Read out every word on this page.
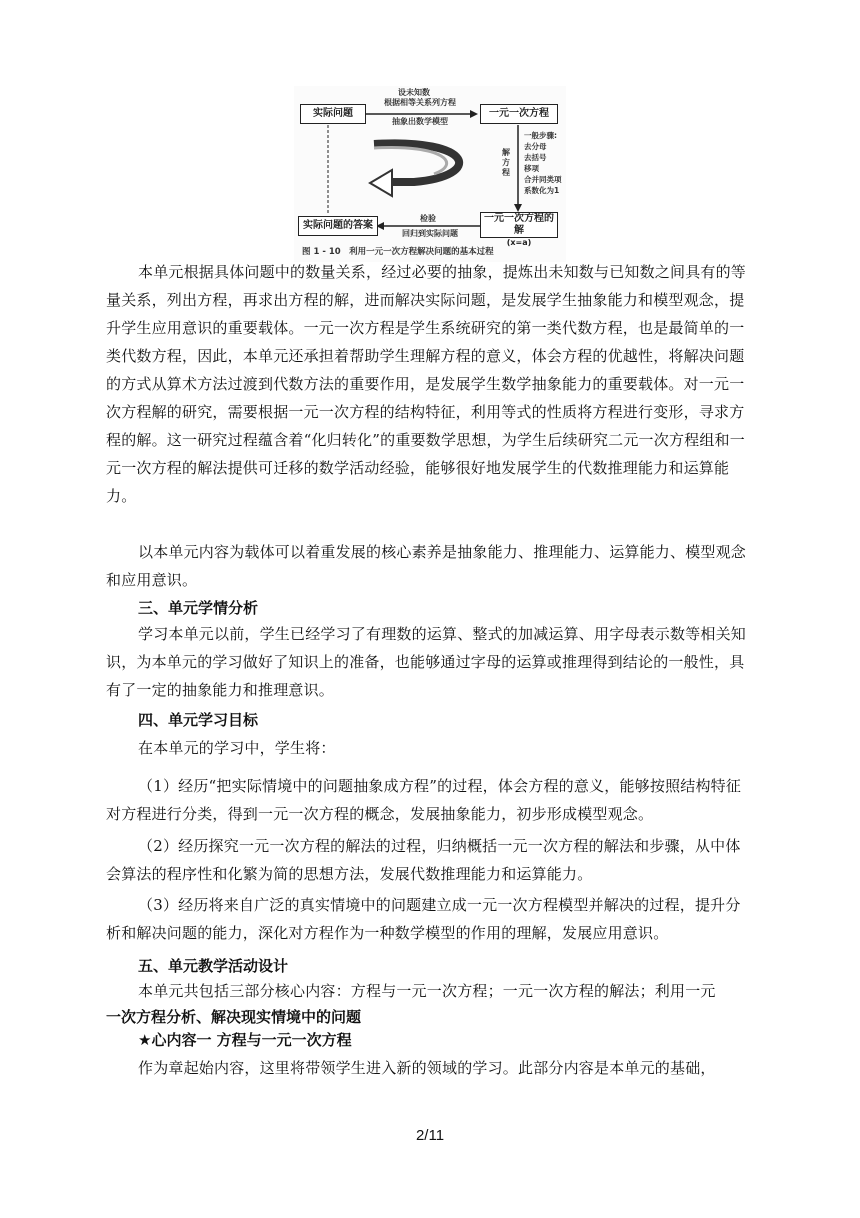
实际问题	一元一次方程
实际问题的答案
一元一次方程的解
(x=a)
设未知数
根据相等关系列方程
抽象出数学模型
解方程
一般步骤:
去分母
去括号
移项
合并同类项
系数化为1
检验
回归到实际问题
图 1 - 10　利用一元一次方程解决问题的基本过程
本单元根据具体问题中的数量关系，经过必要的抽象，提炼出未知数与已知数之间具有的等量关系，列出方程，再求出方程的解，进而解决实际问题，是发展学生抽象能力和模型观念，提升学生应用意识的重要载体。一元一次方程是学生系统研究的第一类代数方程，也是最简单的一类代数方程，因此，本单元还承担着帮助学生理解方程的意义，体会方程的优越性，将解决问题的方式从算术方法过渡到代数方法的重要作用，是发展学生数学抽象能力的重要载体。对一元一次方程解的研究，需要根据一元一次方程的结构特征，利用等式的性质将方程进行变形，寻求方程的解。这一研究过程蕴含着“化归转化”的重要数学思想，为学生后续研究二元一次方程组和一元一次方程的解法提供可迁移的数学活动经验，能够很好地发展学生的代数推理能力和运算能力。
以本单元内容为载体可以着重发展的核心素养是抽象能力、推理能力、运算能力、模型观念和应用意识。
三、单元学情分析
学习本单元以前，学生已经学习了有理数的运算、整式的加减运算、用字母表示数等相关知识，为本单元的学习做好了知识上的准备，也能够通过字母的运算或推理得到结论的一般性，具有了一定的抽象能力和推理意识。
四、单元学习目标
在本单元的学习中，学生将：
（1）经历“把实际情境中的问题抽象成方程”的过程，体会方程的意义，能够按照结构特征对方程进行分类，得到一元一次方程的概念，发展抽象能力，初步形成模型观念。
（2）经历探究一元一次方程的解法的过程，归纳概括一元一次方程的解法和步骤，从中体会算法的程序性和化繁为简的思想方法，发展代数推理能力和运算能力。
（3）经历将来自广泛的真实情境中的问题建立成一元一次方程模型并解决的过程，提升分析和解决问题的能力，深化对方程作为一种数学模型的作用的理解，发展应用意识。
五、单元教学活动设计
本单元共包括三部分核心内容：方程与一元一次方程；一元一次方程的解法；利用一元
一次方程分析、解决现实情境中的问题
★心内容一 方程与一元一次方程
作为章起始内容，这里将带领学生进入新的领域的学习。此部分内容是本单元的基础，
2/11
